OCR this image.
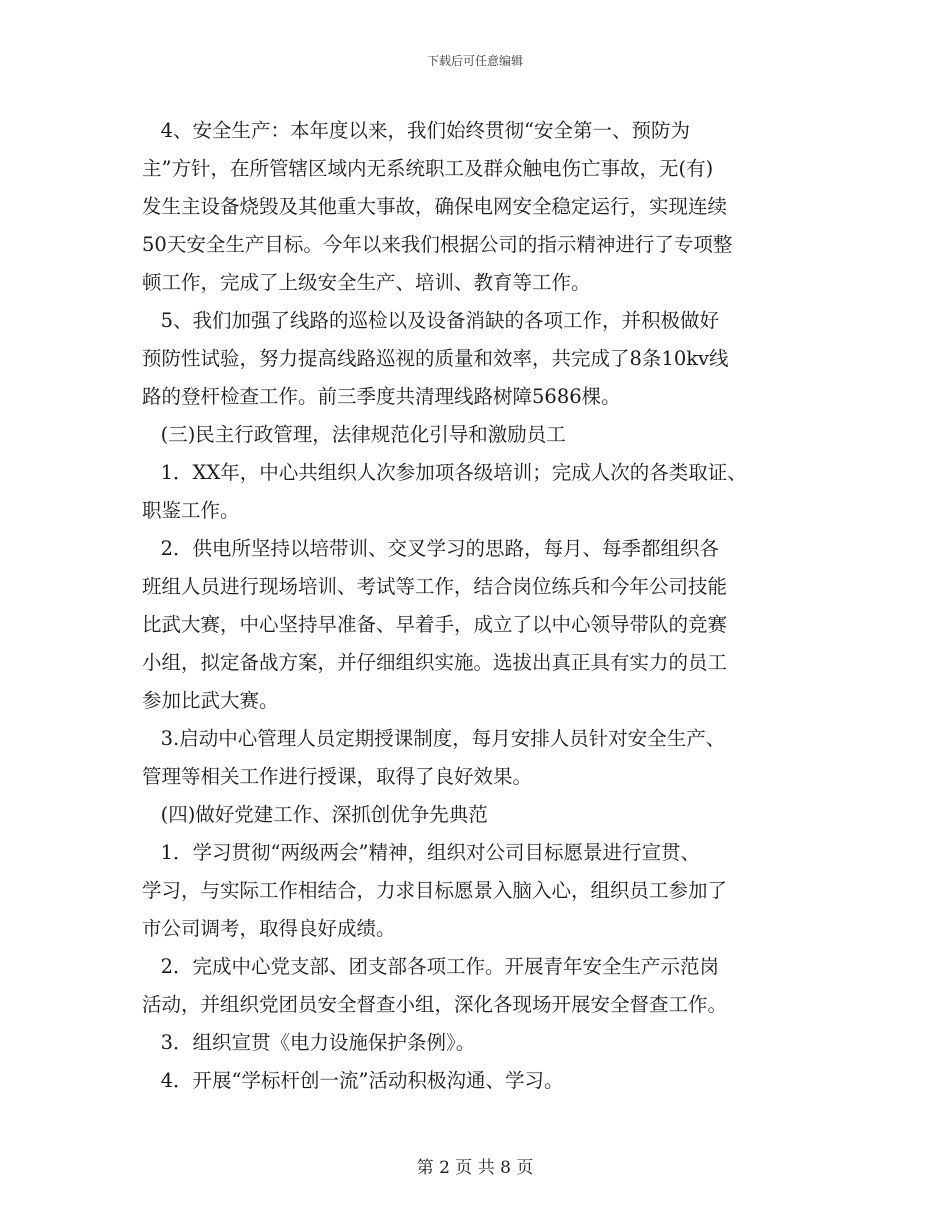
下载后可任意编辑
4、安全生产：本年度以来，我们始终贯彻“安全第一、预防为
主”方针，在所管辖区域内无系统职工及群众触电伤亡事故，无(有)
发生主设备烧毁及其他重大事故，确保电网安全稳定运行，实现连续
50天安全生产目标。今年以来我们根据公司的指示精神进行了专项整
顿工作，完成了上级安全生产、培训、教育等工作。
5、我们加强了线路的巡检以及设备消缺的各项工作，并积极做好
预防性试验，努力提高线路巡视的质量和效率，共完成了8条10kv线
路的登杆检查工作。前三季度共清理线路树障5686棵。
(三)民主行政管理，法律规范化引导和激励员工
1．XX年，中心共组织人次参加项各级培训；完成人次的各类取证、
职鉴工作。
2．供电所坚持以培带训、交叉学习的思路，每月、每季都组织各
班组人员进行现场培训、考试等工作，结合岗位练兵和今年公司技能
比武大赛，中心坚持早准备、早着手，成立了以中心领导带队的竞赛
小组，拟定备战方案，并仔细组织实施。选拔出真正具有实力的员工
参加比武大赛。
3.启动中心管理人员定期授课制度，每月安排人员针对安全生产、
管理等相关工作进行授课，取得了良好效果。
(四)做好党建工作、深抓创优争先典范
1．学习贯彻“两级两会”精神，组织对公司目标愿景进行宣贯、
学习，与实际工作相结合，力求目标愿景入脑入心，组织员工参加了
市公司调考，取得良好成绩。
2．完成中心党支部、团支部各项工作。开展青年安全生产示范岗
活动，并组织党团员安全督查小组，深化各现场开展安全督查工作。
3．组织宣贯《电力设施保护条例》。
4．开展“学标杆创一流”活动积极沟通、学习。
第 2 页 共 8 页
